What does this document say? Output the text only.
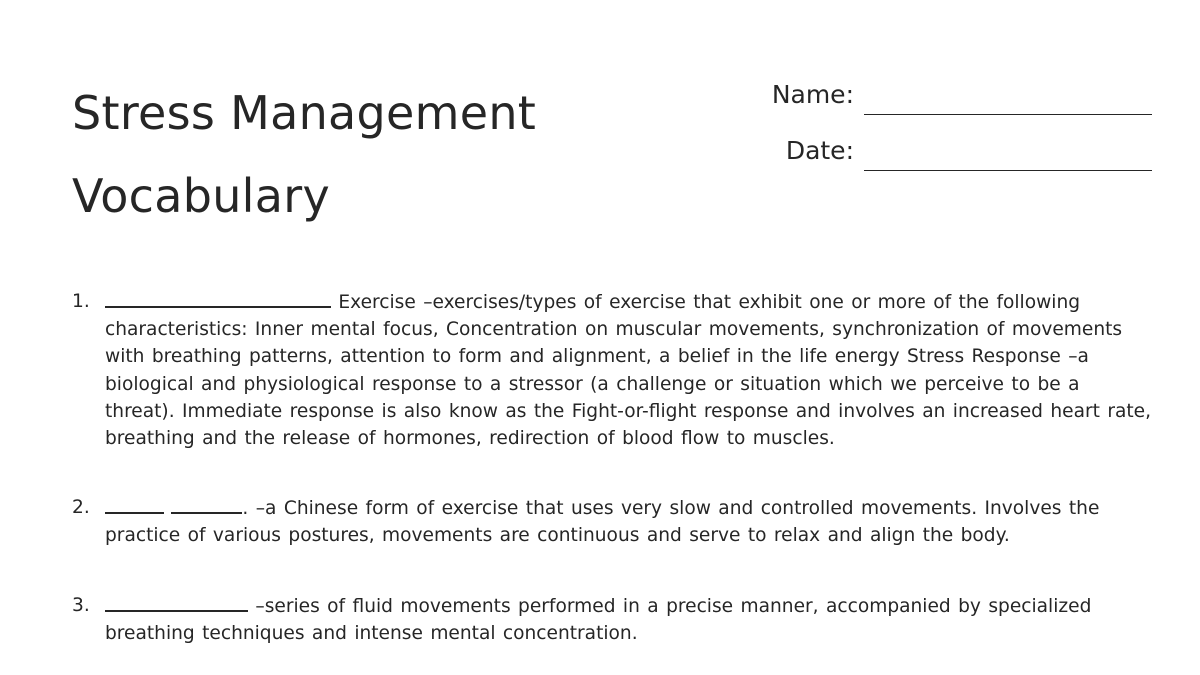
Stress Management
Vocabulary
Name:
Date:
1.	Exercise –exercises/types of exercise that exhibit one or more of the following characteristics: Inner mental focus, Concentration on muscular movements, synchronization of movements with breathing patterns, attention to form and alignment, a belief in the life energy Stress Response –a biological and physiological response to a stressor (a challenge or situation which we perceive to be a threat). Immediate response is also know as the Fight-or-flight response and involves an increased heart rate, breathing and the release of hormones, redirection of blood flow to muscles.
2.	. –a Chinese form of exercise that uses very slow and controlled movements. Involves the practice of various postures, movements are continuous and serve to relax and align the body.
3.	–series of fluid movements performed in a precise manner, accompanied by specialized breathing techniques and intense mental concentration.
